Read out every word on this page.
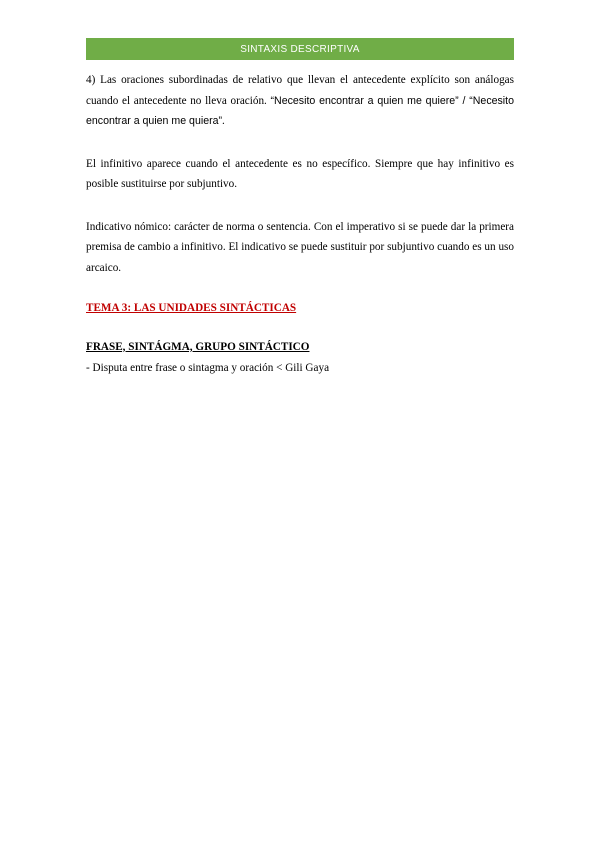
SINTAXIS DESCRIPTIVA

4) Las oraciones subordinadas de relativo que llevan el antecedente explícito son análogas cuando el antecedente no lleva oración. “Necesito encontrar a quien me quiere” / “Necesito encontrar a quien me quiera”.

El infinitivo aparece cuando el antecedente es no específico. Siempre que hay infinitivo es posible sustituirse por subjuntivo.

Indicativo nómico: carácter de norma o sentencia. Con el imperativo si se puede dar la primera premisa de cambio a infinitivo. El indicativo se puede sustituir por subjuntivo cuando es un uso arcaico.

TEMA 3: LAS UNIDADES SINTÁCTICAS

FRASE, SINTÁGMA, GRUPO SINTÁCTICO

- Disputa entre frase o sintagma y oración < Gili Gaya
